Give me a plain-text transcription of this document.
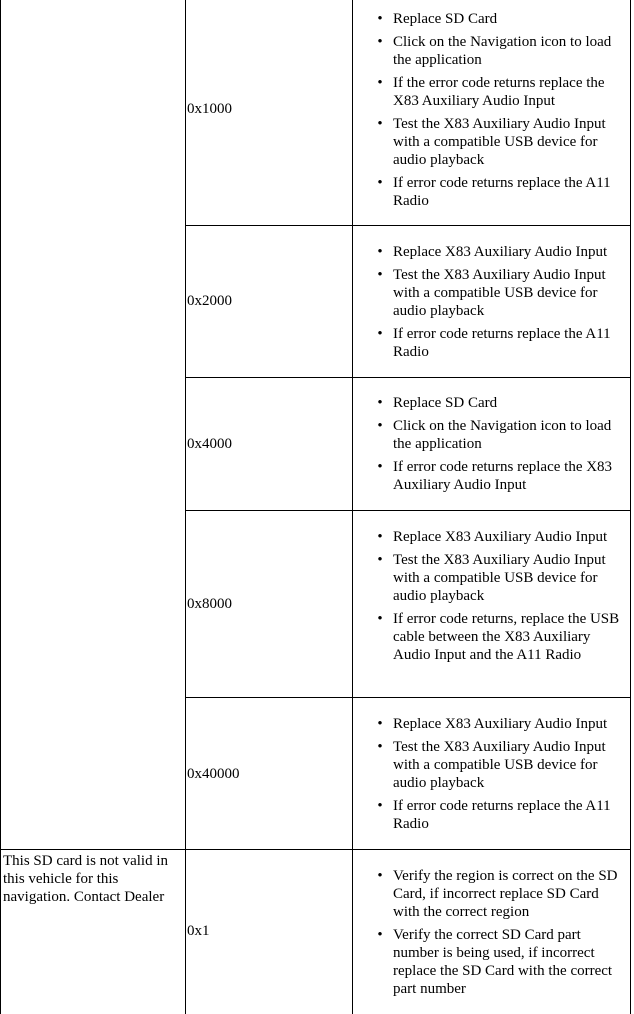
0x1000
• Replace SD Card
• Click on the Navigation icon to load the application
• If the error code returns replace the X83 Auxiliary Audio Input
• Test the X83 Auxiliary Audio Input with a compatible USB device for audio playback
• If error code returns replace the A11 Radio
0x2000
• Replace X83 Auxiliary Audio Input
• Test the X83 Auxiliary Audio Input with a compatible USB device for audio playback
• If error code returns replace the A11 Radio
0x4000
• Replace SD Card
• Click on the Navigation icon to load the application
• If error code returns replace the X83 Auxiliary Audio Input
0x8000
• Replace X83 Auxiliary Audio Input
• Test the X83 Auxiliary Audio Input with a compatible USB device for audio playback
• If error code returns, replace the USB cable between the X83 Auxiliary Audio Input and the A11 Radio
0x40000
• Replace X83 Auxiliary Audio Input
• Test the X83 Auxiliary Audio Input with a compatible USB device for audio playback
• If error code returns replace the A11 Radio
This SD card is not valid in this vehicle for this navigation. Contact Dealer
0x1
• Verify the region is correct on the SD Card, if incorrect replace SD Card with the correct region
• Verify the correct SD Card part number is being used, if incorrect replace the SD Card with the correct part number
